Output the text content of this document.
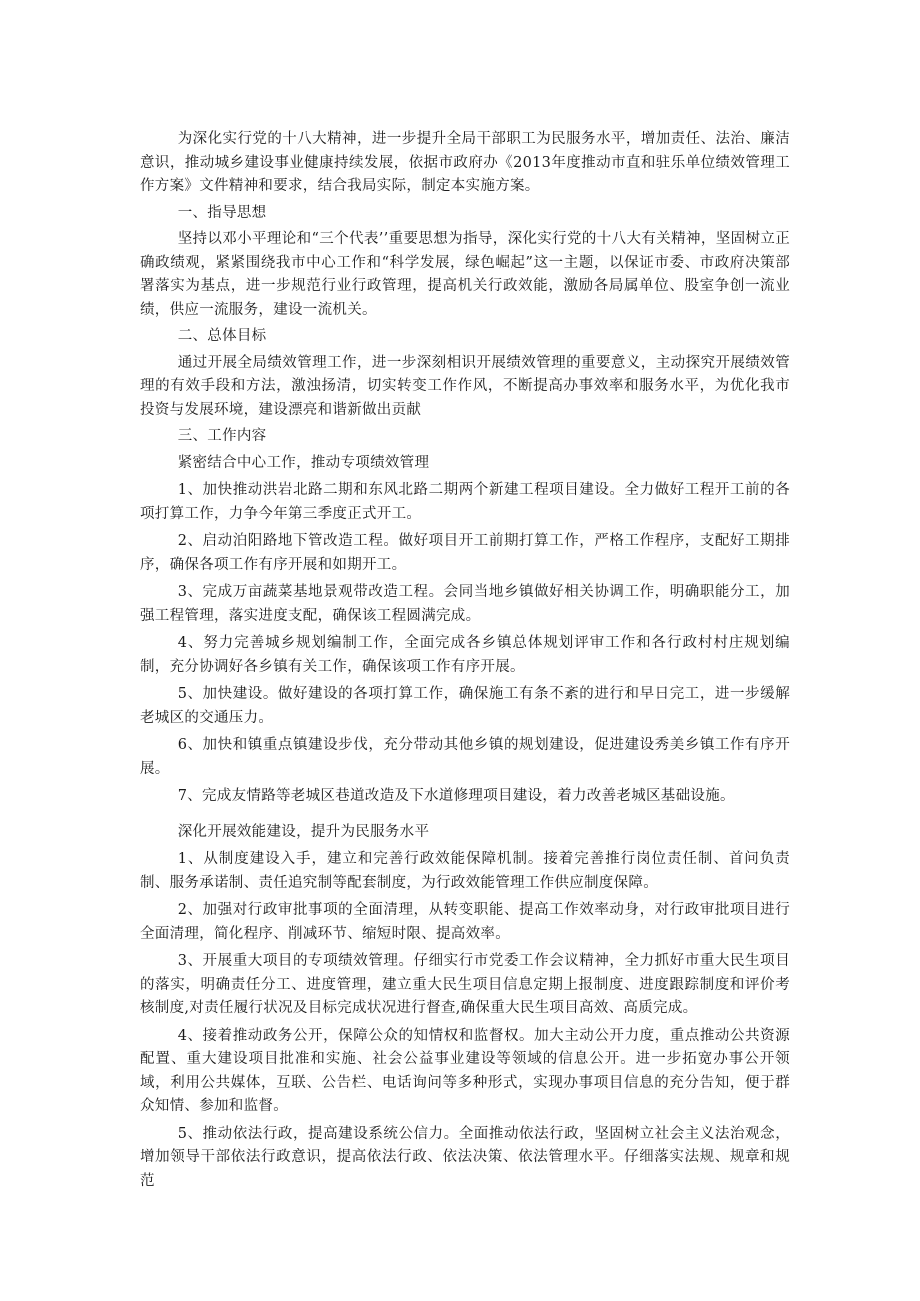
为深化实行党的十八大精神，进一步提升全局干部职工为民服务水平，增加责任、法治、廉洁意识，推动城乡建设事业健康持续发展，依据市政府办《2013年度推动市直和驻乐单位绩效管理工作方案》文件精神和要求，结合我局实际，制定本实施方案。

一、指导思想

坚持以邓小平理论和“三个代表’’重要思想为指导，深化实行党的十八大有关精神，坚固树立正确政绩观，紧紧围绕我市中心工作和“科学发展，绿色崛起”这一主题，以保证市委、市政府决策部署落实为基点，进一步规范行业行政管理，提高机关行政效能，激励各局属单位、股室争创一流业绩，供应一流服务，建设一流机关。

二、总体目标

通过开展全局绩效管理工作，进一步深刻相识开展绩效管理的重要意义，主动探究开展绩效管理的有效手段和方法，激浊扬清，切实转变工作作风，不断提高办事效率和服务水平，为优化我市投资与发展环境，建设漂亮和谐新做出贡献

三、工作内容

紧密结合中心工作，推动专项绩效管理

1、加快推动洪岩北路二期和东风北路二期两个新建工程项目建设。全力做好工程开工前的各项打算工作，力争今年第三季度正式开工。

2、启动泊阳路地下管改造工程。做好项目开工前期打算工作，严格工作程序，支配好工期排序，确保各项工作有序开展和如期开工。

3、完成万亩蔬菜基地景观带改造工程。会同当地乡镇做好相关协调工作，明确职能分工，加强工程管理，落实进度支配，确保该工程圆满完成。

4、努力完善城乡规划编制工作，全面完成各乡镇总体规划评审工作和各行政村村庄规划编制，充分协调好各乡镇有关工作，确保该项工作有序开展。

5、加快建设。做好建设的各项打算工作，确保施工有条不紊的进行和早日完工，进一步缓解老城区的交通压力。

6、加快和镇重点镇建设步伐，充分带动其他乡镇的规划建设，促进建设秀美乡镇工作有序开展。

7、完成友情路等老城区巷道改造及下水道修理项目建设，着力改善老城区基础设施。

深化开展效能建设，提升为民服务水平

1、从制度建设入手，建立和完善行政效能保障机制。接着完善推行岗位责任制、首问负责制、服务承诺制、责任追究制等配套制度，为行政效能管理工作供应制度保障。

2、加强对行政审批事项的全面清理，从转变职能、提高工作效率动身，对行政审批项目进行全面清理，简化程序、削减环节、缩短时限、提高效率。

3、开展重大项目的专项绩效管理。仔细实行市党委工作会议精神，全力抓好市重大民生项目的落实，明确责任分工、进度管理，建立重大民生项目信息定期上报制度、进度跟踪制度和评价考核制度,对责任履行状况及目标完成状况进行督查,确保重大民生项目高效、高质完成。

4、接着推动政务公开，保障公众的知情权和监督权。加大主动公开力度，重点推动公共资源配置、重大建设项目批准和实施、社会公益事业建设等领域的信息公开。进一步拓宽办事公开领域，利用公共媒体，互联、公告栏、电话询问等多种形式，实现办事项目信息的充分告知，便于群众知情、参加和监督。

5、推动依法行政，提高建设系统公信力。全面推动依法行政，坚固树立社会主义法治观念，增加领导干部依法行政意识，提高依法行政、依法决策、依法管理水平。仔细落实法规、规章和规范
